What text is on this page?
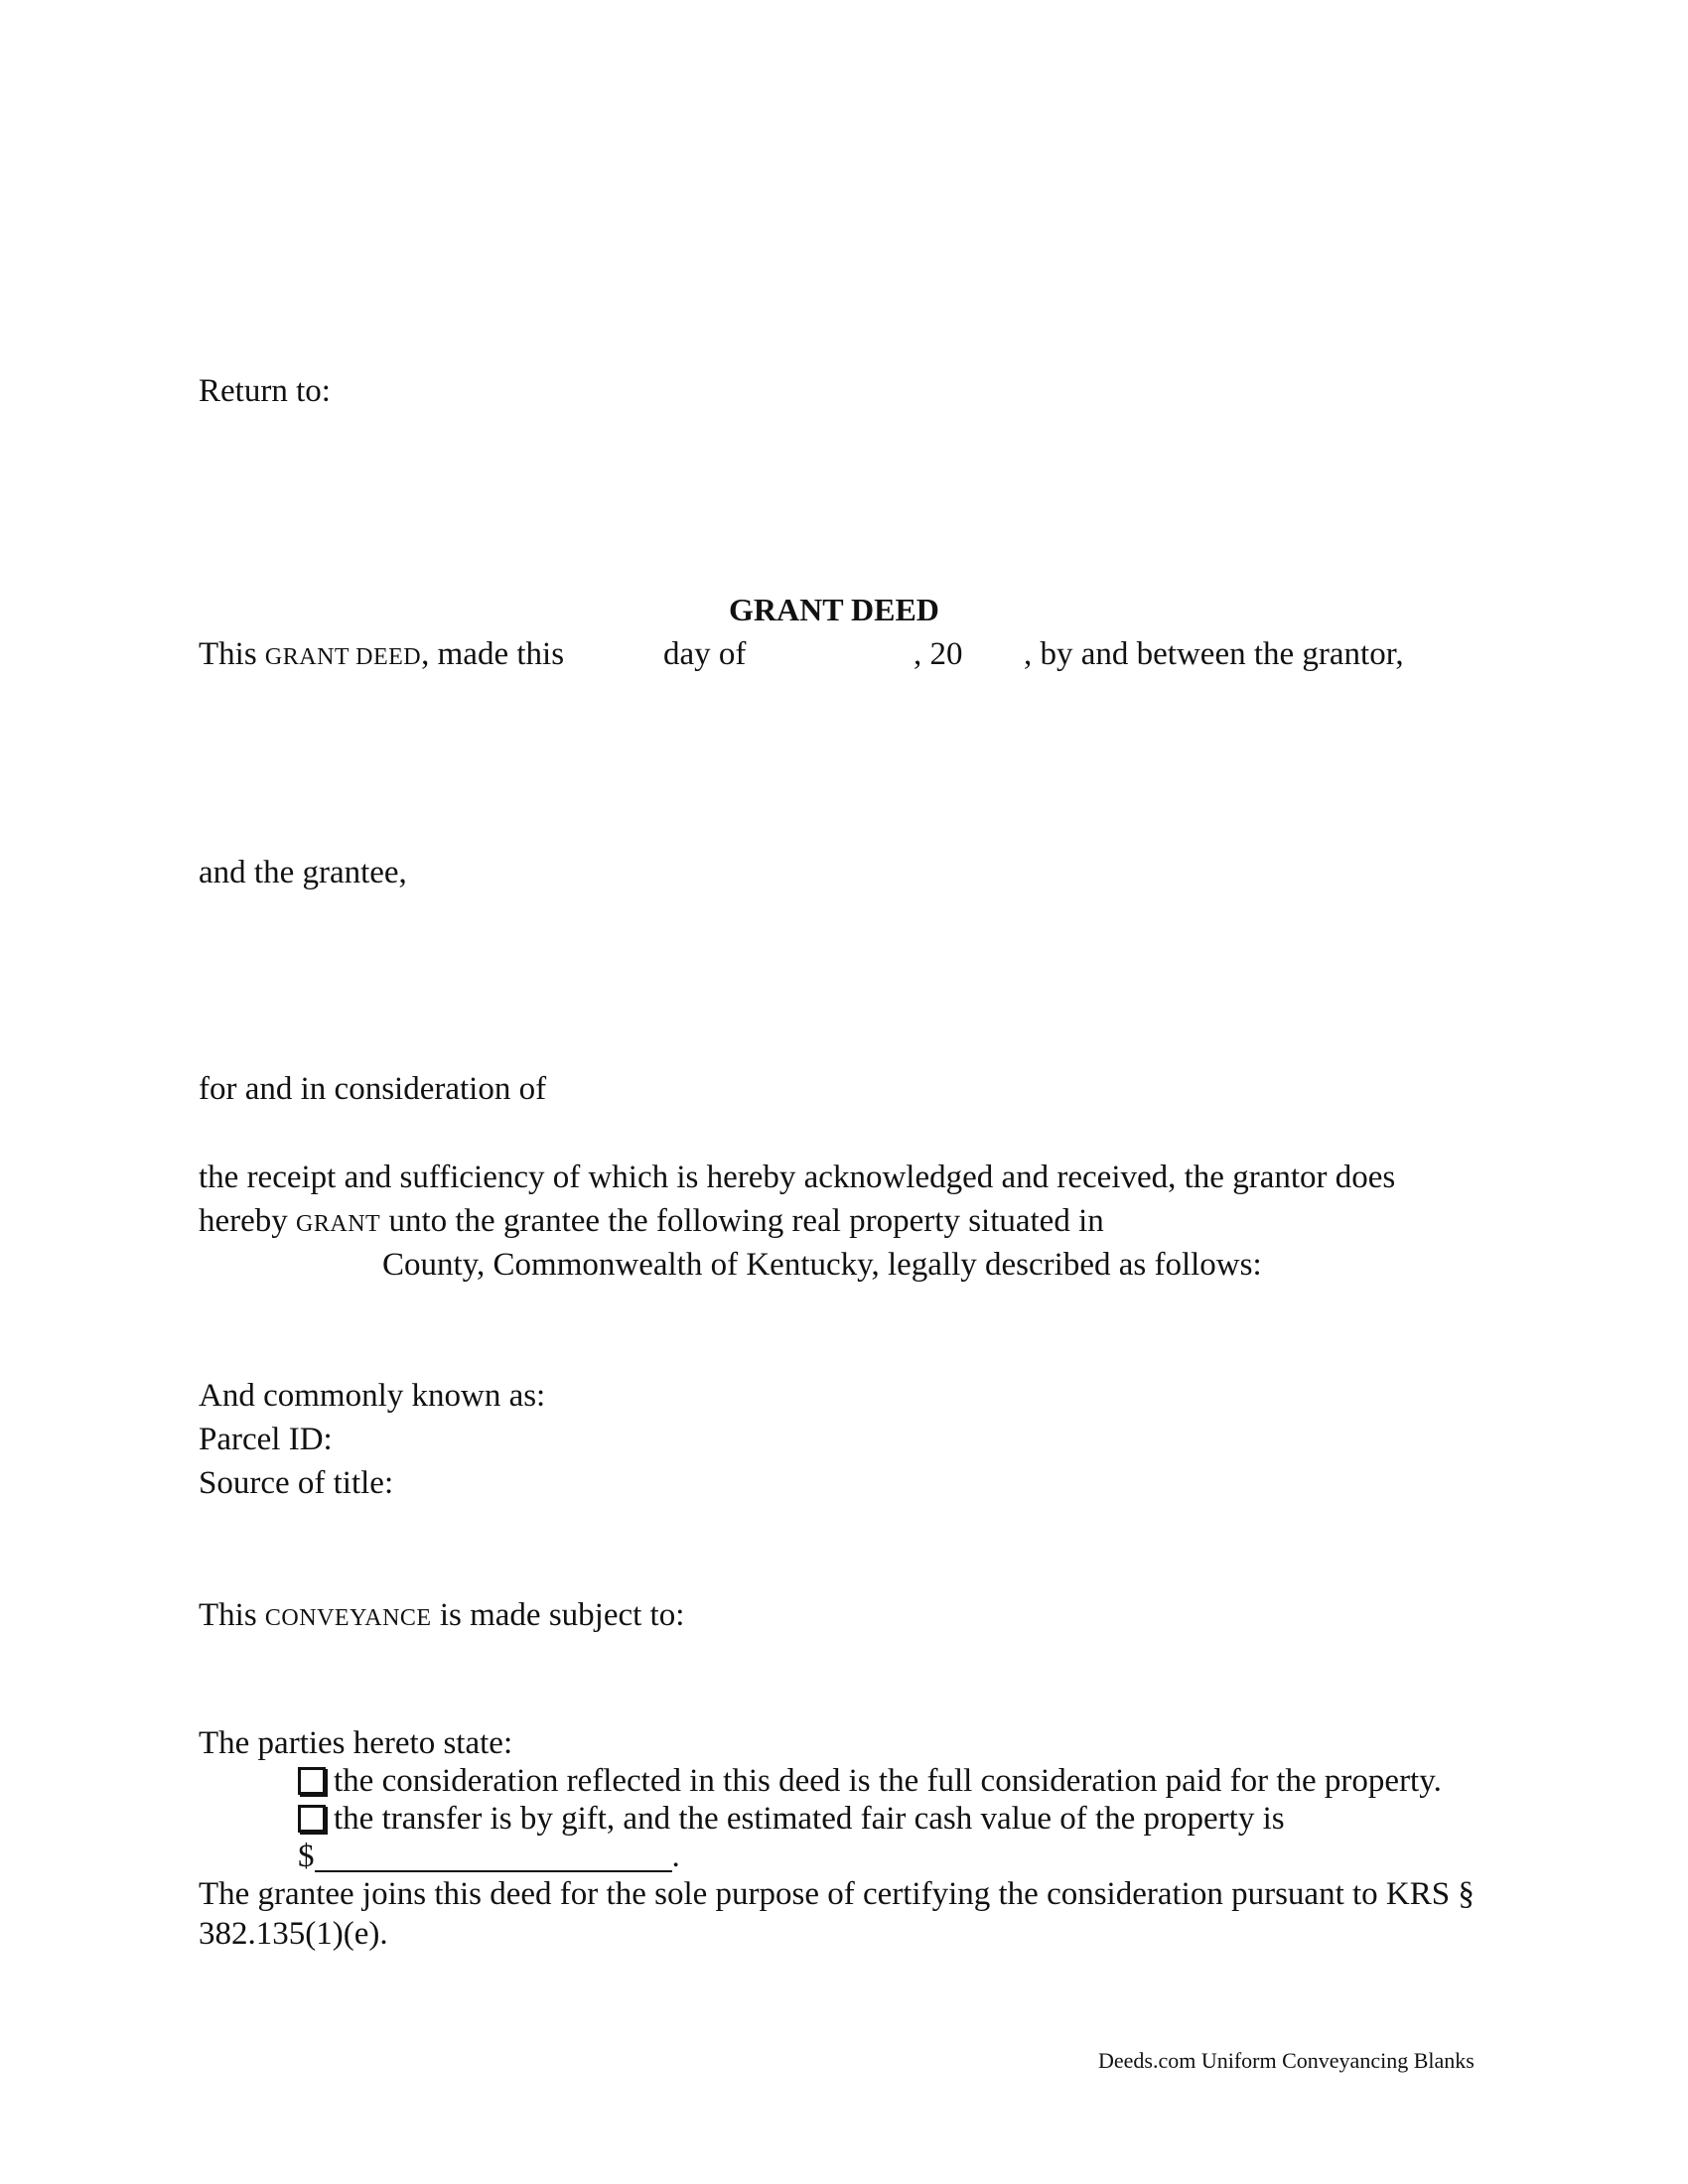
Return to:
GRANT DEED
This GRANT DEED, made this	day of	, 20 , by and between the grantor,
and the grantee,
for and in consideration of
the receipt and sufficiency of which is hereby acknowledged and received, the grantor does
hereby GRANT unto the grantee the following real property situated in
County, Commonwealth of Kentucky, legally described as follows:
And commonly known as:
Parcel ID:
Source of title:
This CONVEYANCE is made subject to:
The parties hereto state:
the consideration reflected in this deed is the full consideration paid for the property.
the transfer is by gift, and the estimated fair cash value of the property is
$	.
The grantee joins this deed for the sole purpose of certifying the consideration pursuant to KRS §
382.135(1)(e).
Deeds.com Uniform Conveyancing Blanks
